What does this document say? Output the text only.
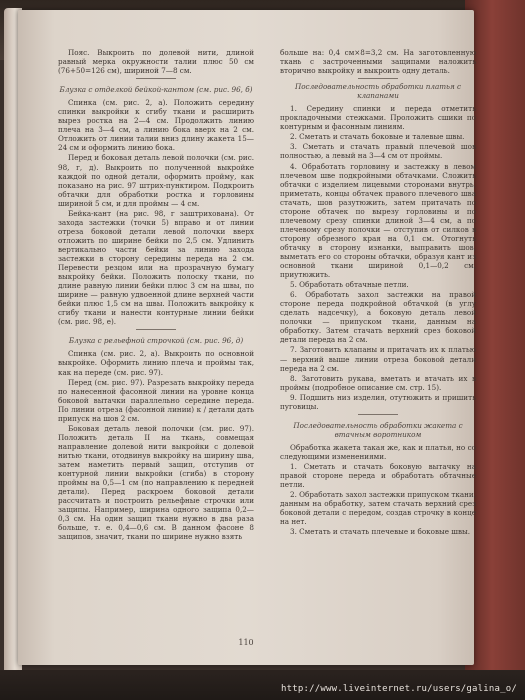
Пояс. Выкроить по долевой нити, длиной равный мерка окружности талии плюс 50 см (76+50=126 см), шириной 7—8 см.

Блузка с отделкой бейкой-кантом (см. рис. 96, б)

Спинка (см. рис. 2, а). Положить середину спинки выкройки к сгибу ткани и расширить вырез ростка на 2—4 см. Продолжить линию плеча на 3—4 см, а линию бока вверх на 2 см. Отложить от линии талии вниз длину жакета 15—24 см и оформить линию бока.

Перед и боковая деталь левой полочки (см. рис. 98, г, д). Выкроить по полученной выкройке каждой по одной детали, оформить пройму, как показано на рис. 97 штрих-пунктиром. Подкроить обтачки для обработки ростка и горловины шириной 5 см, и для проймы — 4 см.

Бейка-кант (на рис. 98, г заштрихована). От захода застежки (точки 5) вправо и от линии отреза боковой детали левой полочки вверх отложить по ширине бейки по 2,5 см. Удлинить вертикально части бейки за линию захода застежки в сторону середины переда на 2 см. Перевести резцом или на прозрачную бумагу выкройку бейки. Положить полоску ткани, по длине равную линии бейки плюс 3 см на швы, по ширине — равную удвоенной длине верхней части бейки плюс 1,5 см на швы. Положить выкройку к сгибу ткани и нанести контурные линии бейки (см. рис. 98, е).

Блузка с рельефной строчкой (см. рис. 96, д)

Спинка (см. рис. 2, а). Выкроить по основной выкройке. Оформить линию плеча и проймы так, как на переде (см. рис. 97).

Перед (см. рис. 97). Разрезать выкройку переда по нанесенной фасонной линии на уровне конца боковой вытачки параллельно середине переда. По линии отреза (фасонной линии) к / детали дать припуск на шов 2 см.

Боковая деталь левой полочки (см. рис. 97). Положить деталь II на ткань, совмещая направление долевой нити выкройки с долевой нитью ткани, отодвинув выкройку на ширину шва, затем наметить первый защип, отступив от контурной линии выкройки (сгиба) в сторону проймы на 0,5—1 см (по направлению к передней детали). Перед раскроем боковой детали рассчитать и построить рельефные строчки или защипы. Например, ширина одного защипа 0,2—0,3 см. На один защип ткани нужно в два раза больше, т. е. 0,4—0,6 см. В данном фасоне 8 защипов, значит, ткани по ширине нужно взять

больше на: 0,4 см×8=3,2 см. На заготовленную ткань с застроченными защипами наложить вторично выкройку и выкроить одну деталь.

Последовательность обработки платья с клапанами

1. Середину спинки и переда отметить прокладочными стежками. Проложить сшики по контурным и фасонным линиям.

2. Сметать и стачать боковые и талевые швы.

3. Сметать и стачать правый плечевой шов полностью, а левый на 3—4 см от проймы.

4. Обработать горловину и застежку в левом плечевом шве подкройными обтачками. Сложить обтачки с изделием лицевыми сторонами внутрь, приметать, концы обтачек правого плечевого шва стачать, шов разутюжить, затем притачать по стороне обтачек по вырезу горловины и по плечевому срезу спинки длиной 3—4 см, а по плечевому срезу полочки — отступив от силков в сторону обрезного края на 0,1 см. Отогнуть обтачку в сторону изнанки, выправить шов, выметать его со стороны обтачки, образуя кант из основной ткани шириной 0,1—0,2 см, приутюжить.

5. Обработать обтачные петли.

6. Обработать захол застежки на правой стороне переда подкройной обтачкой (в углу сделать надсечку), а боковую деталь левой полочки — припуском ткани, данным на обработку. Затем стачать верхний срез боковой детали переда на 2 см.

7. Заготовить клапаны и притачать их к платью — верхний выше линии отреза боковой детали переда на 2 см.

8. Заготовить рукава, вметать и втачать их в проймы (подробное описание см. стр. 15).

9. Подшить низ изделия, отутюжить и пришить пуговицы.

Последовательность обработки жакета с втачным воротником

Обработка жакета такая же, как и платья, но со следующими изменениями.

1. Сметать и стачать боковую вытачку на правой стороне переда и обработать обтачные петли.

2. Обработать захол застежки припуском ткани, данным на обработку, затем стачать верхний срез боковой детали с передом, создав строчку в конце на нет.

3. Сметать и стачать плечевые и боковые швы.

110
http://www.liveinternet.ru/users/galina_o/
